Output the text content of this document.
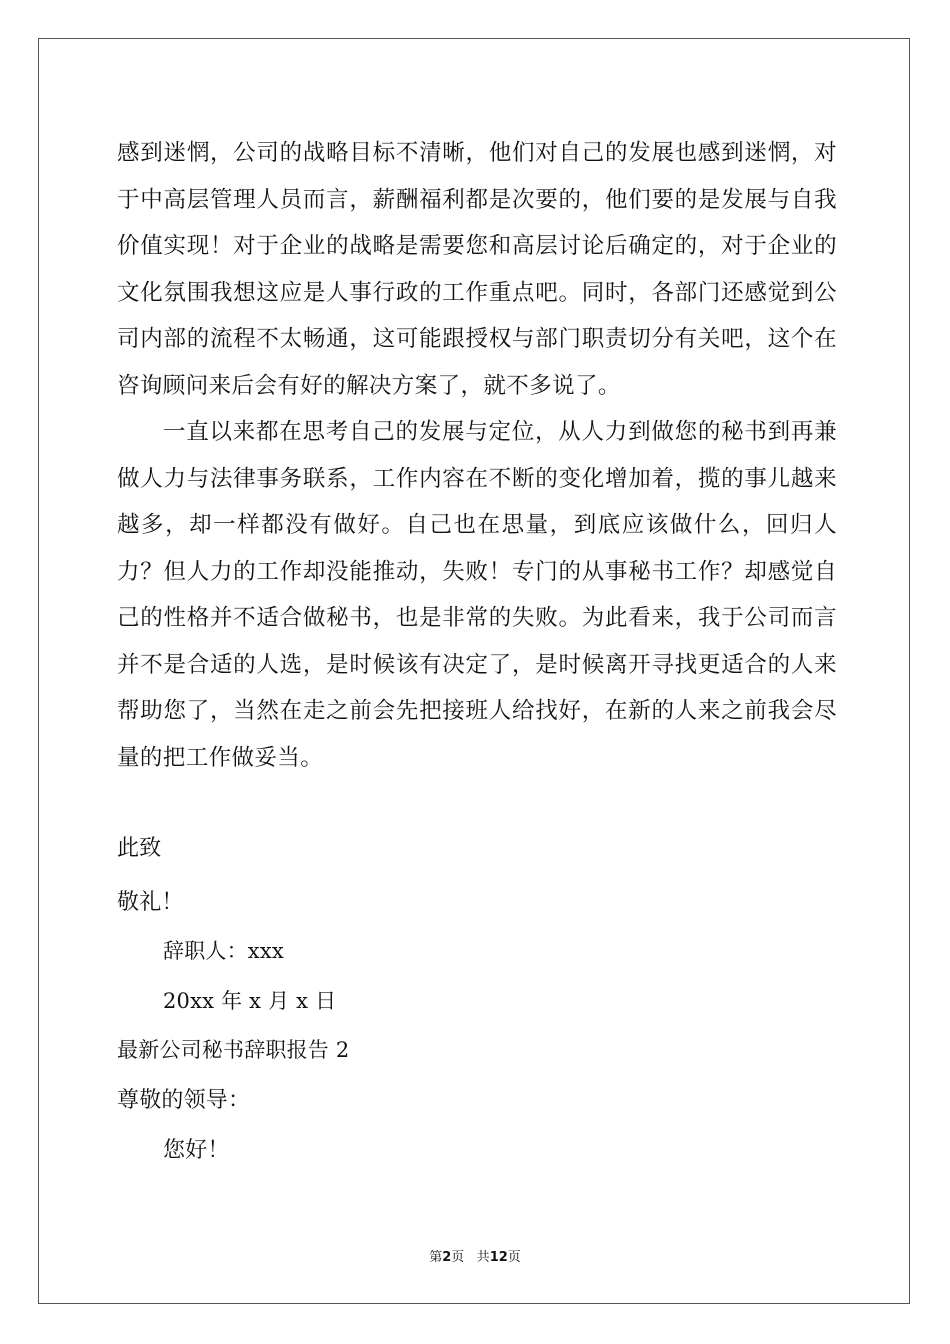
感到迷惘，公司的战略目标不清晰，他们对自己的发展也感到迷惘，对于中高层管理人员而言，薪酬福利都是次要的，他们要的是发展与自我价值实现！对于企业的战略是需要您和高层讨论后确定的，对于企业的文化氛围我想这应是人事行政的工作重点吧。同时，各部门还感觉到公司内部的流程不太畅通，这可能跟授权与部门职责切分有关吧，这个在咨询顾问来后会有好的解决方案了，就不多说了。

一直以来都在思考自己的发展与定位，从人力到做您的秘书到再兼做人力与法律事务联系，工作内容在不断的变化增加着，揽的事儿越来越多，却一样都没有做好。自己也在思量，到底应该做什么，回归人力？但人力的工作却没能推动，失败！专门的从事秘书工作？却感觉自己的性格并不适合做秘书，也是非常的失败。为此看来，我于公司而言并不是合适的人选，是时候该有决定了，是时候离开寻找更适合的人来帮助您了，当然在走之前会先把接班人给找好，在新的人来之前我会尽量的把工作做妥当。

此致
敬礼！
辞职人：xxx
20xx 年 x 月 x 日
最新公司秘书辞职报告 2
尊敬的领导：
您好！
第2页 共12页
